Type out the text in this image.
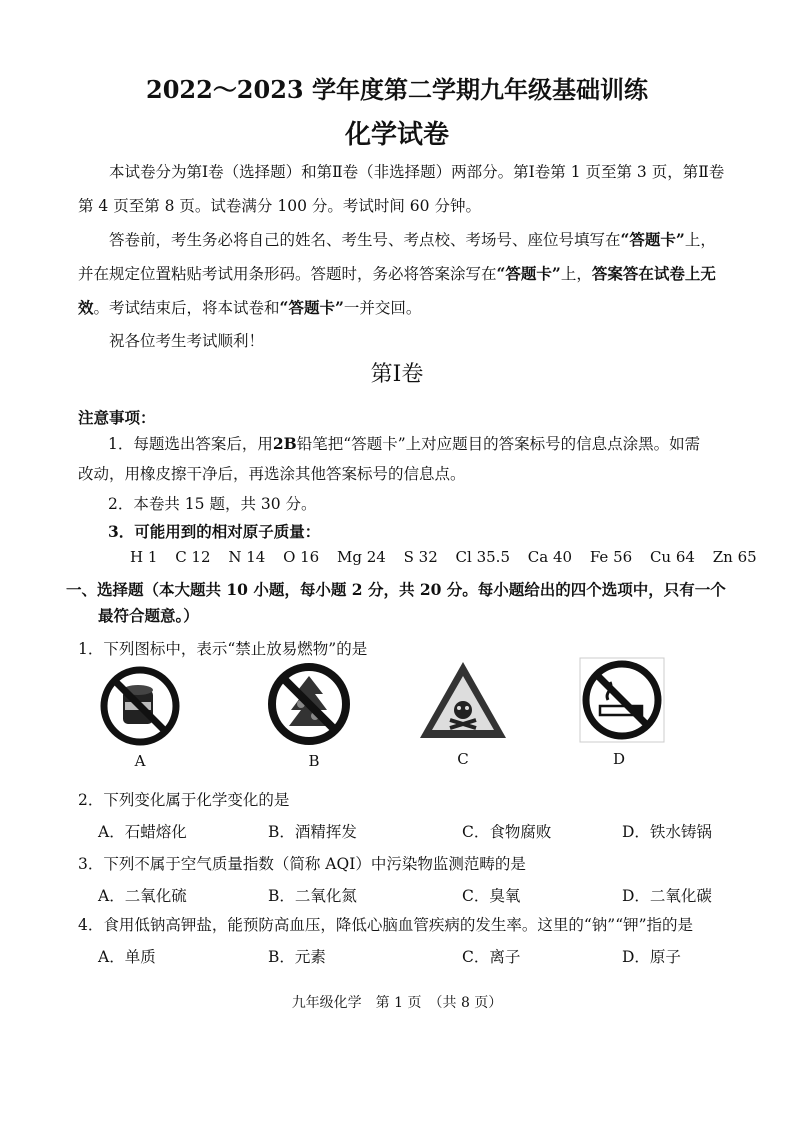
2022～2023 学年度第二学期九年级基础训练
化学试卷

本试卷分为第Ⅰ卷（选择题）和第Ⅱ卷（非选择题）两部分。第Ⅰ卷第 1 页至第 3 页，第Ⅱ卷第 4 页至第 8 页。试卷满分 100 分。考试时间 60 分钟。

答卷前，考生务必将自己的姓名、考生号、考点校、考场号、座位号填写在“答题卡”上，并在规定位置粘贴考试用条形码。答题时，务必将答案涂写在“答题卡”上，答案答在试卷上无效。考试结束后，将本试卷和“答题卡”一并交回。

祝各位考生考试顺利！

第Ⅰ卷
注意事项：
1．每题选出答案后，用2B铅笔把“答题卡”上对应题目的答案标号的信息点涂黑。如需
改动，用橡皮擦干净后，再选涂其他答案标号的信息点。
2．本卷共 15 题，共 30 分。
3．可能用到的相对原子质量：
H 1 C 12 N 14 O 16 Mg 24 S 32 Cl 35.5 Ca 40 Fe 56 Cu 64 Zn 65
一、选择题（本大题共 10 小题，每小题 2 分，共 20 分。每小题给出的四个选项中，只有一个
最符合题意。）
1．下列图标中，表示“禁止放易燃物”的是
A	B	C	D
2．下列变化属于化学变化的是
A．石蜡熔化	B．酒精挥发	C．食物腐败	D．铁水铸锅
3．下列不属于空气质量指数（简称 AQI）中污染物监测范畴的是
A．二氧化硫	B．二氧化氮	C．臭氧	D．二氧化碳
4．食用低钠高钾盐，能预防高血压，降低心脑血管疾病的发生率。这里的“钠”“钾”指的是
A．单质	B．元素	C．离子	D．原子
九年级化学　第 1 页　（共 8 页）
